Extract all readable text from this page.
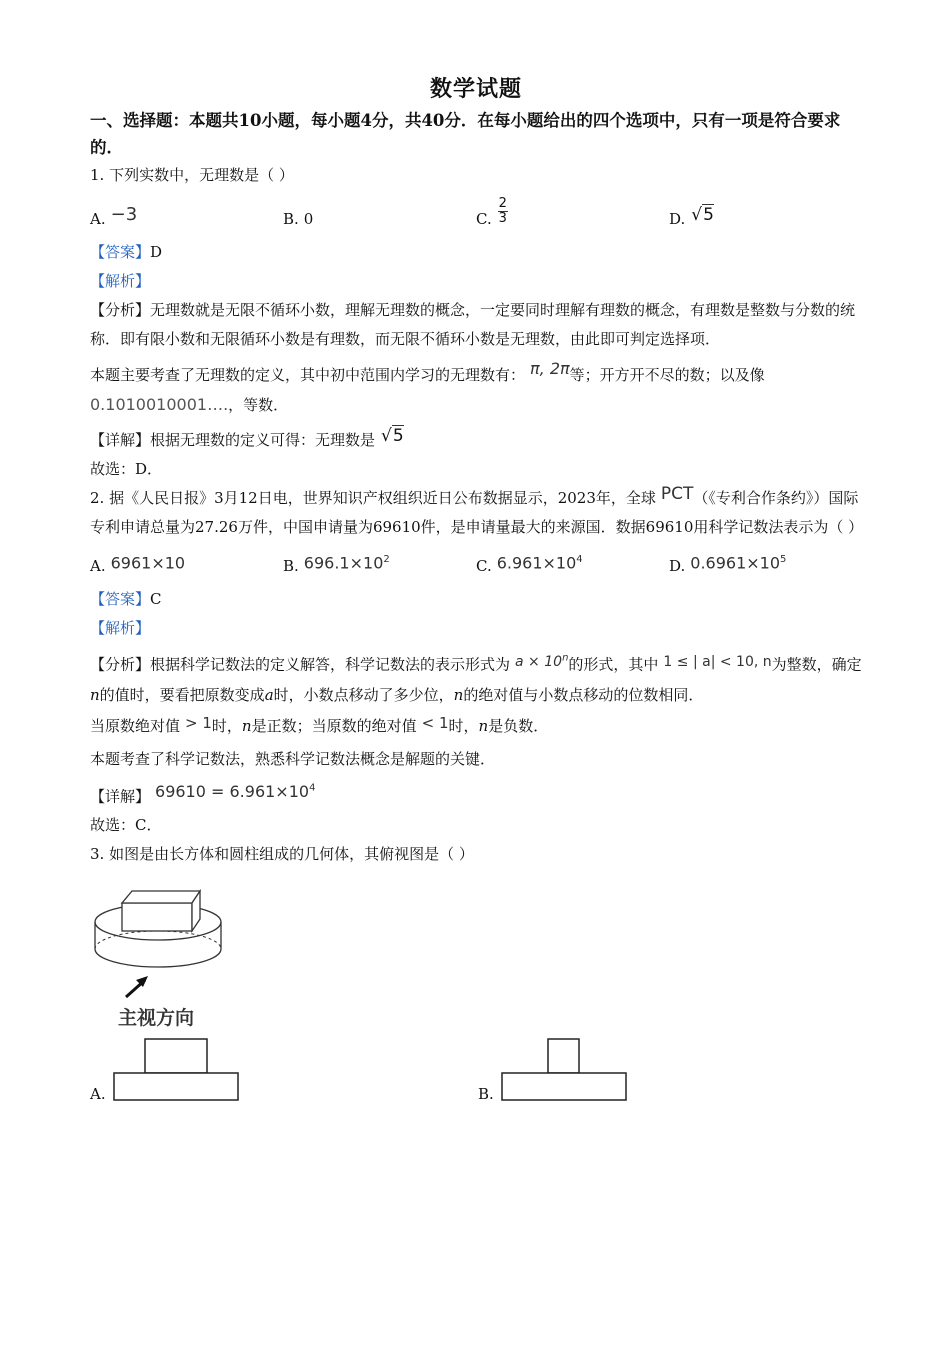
数学试题

一、选择题：本题共10小题，每小题4分，共40分．在每小题给出的四个选项中，只有一项是符合要求的．

1. 下列实数中，无理数是（ ）

A. −3	B. 0	C. $\frac{2}{3}$	D. √5

【答案】D

【解析】

【分析】无理数就是无限不循环小数，理解无理数的概念，一定要同时理解有理数的概念，有理数是整数与分数的统称．即有限小数和无限循环小数是有理数，而无限不循环小数是无理数，由此即可判定选择项．

本题主要考查了无理数的定义，其中初中范围内学习的无理数有： π, 2π等；开方开不尽的数；以及像

0.1010010001….，等数．

【详解】根据无理数的定义可得：无理数是 √5

故选：D．

2. 据《人民日报》3月12日电，世界知识产权组织近日公布数据显示，2023年，全球 PCT（《专利合作条约》）国际专利申请总量为27.26万件，中国申请量为69610件，是申请量最大的来源国．数据69610用科学记数法表示为（ ）

A. 6961×10	B. $696.1\times 10^2$	C. $6.961\times 10^4$	D. $0.6961\times 10^5$

【答案】C

【解析】

【分析】根据科学记数法的定义解答，科学记数法的表示形式为 $a \times 10^n$的形式，其中 1 ≤ | a| < 10, n为整数，确定n的值时，要看把原数变成a时，小数点移动了多少位，n的绝对值与小数点移动的位数相同．

当原数绝对值 > 1时，n是正数；当原数的绝对值 < 1时，n是负数．

本题考查了科学记数法，熟悉科学记数法概念是解题的关键．

【详解】 $69610 = 6.961\times 10^4$

故选：C．

3. 如图是由长方体和圆柱组成的几何体，其俯视图是（ ）

主视方向
A.	B.
